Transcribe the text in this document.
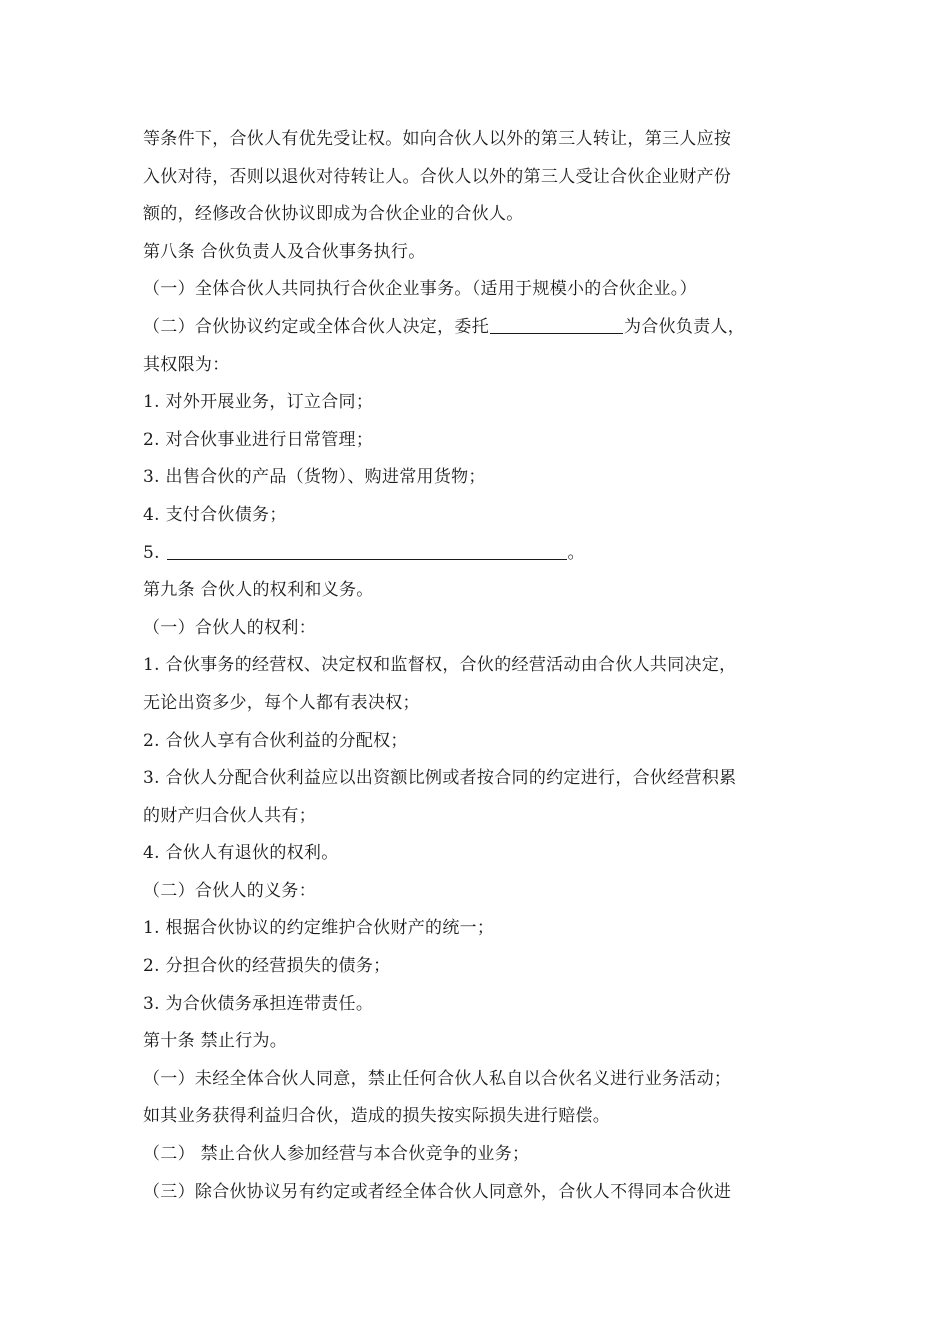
等条件下，合伙人有优先受让权。如向合伙人以外的第三人转让，第三人应按
入伙对待，否则以退伙对待转让人。合伙人以外的第三人受让合伙企业财产份
额的，经修改合伙协议即成为合伙企业的合伙人。
第八条 合伙负责人及合伙事务执行。
（一）全体合伙人共同执行合伙企业事务。（适用于规模小的合伙企业。）
（二）合伙协议约定或全体合伙人决定，委托	为合伙负责人，
其权限为：
1. 对外开展业务，订立合同；
2. 对合伙事业进行日常管理；
3. 出售合伙的产品（货物）、购进常用货物；
4. 支付合伙债务；
5.	。
第九条 合伙人的权利和义务。
（一）合伙人的权利：
1. 合伙事务的经营权、决定权和监督权，合伙的经营活动由合伙人共同决定，
无论出资多少，每个人都有表决权；
2. 合伙人享有合伙利益的分配权；
3. 合伙人分配合伙利益应以出资额比例或者按合同的约定进行，合伙经营积累
的财产归合伙人共有；
4. 合伙人有退伙的权利。
（二）合伙人的义务：
1. 根据合伙协议的约定维护合伙财产的统一；
2. 分担合伙的经营损失的债务；
3. 为合伙债务承担连带责任。
第十条 禁止行为。
（一）未经全体合伙人同意，禁止任何合伙人私自以合伙名义进行业务活动；
如其业务获得利益归合伙，造成的损失按实际损失进行赔偿。
（二） 禁止合伙人参加经营与本合伙竞争的业务；
（三）除合伙协议另有约定或者经全体合伙人同意外，合伙人不得同本合伙进
